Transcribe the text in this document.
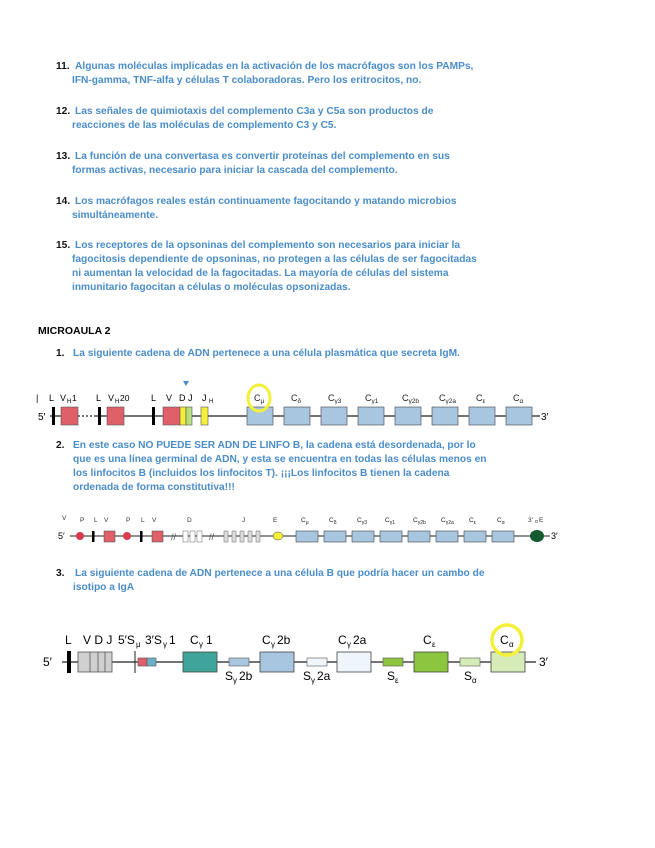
11. Algunas moléculas implicadas en la activación de los macrófagos son los PAMPs,
IFN-gamma, TNF-alfa y células T colaboradoras. Pero los eritrocitos, no.
12. Las señales de quimiotaxis del complemento C3a y C5a son productos de
reacciones de las moléculas de complemento C3 y C5.
13. La función de una convertasa es convertir proteínas del complemento en sus
formas activas, necesario para iniciar la cascada del complemento.
14. Los macrófagos reales están continuamente fagocitando y matando microbios
simultáneamente.
15. Los receptores de la opsoninas del complemento son necesarios para iniciar la
fagocitosis dependiente de opsoninas, no protegen a las células de ser fagocitadas
ni aumentan la velocidad de la fagocitadas. La mayoría de células del sistema
inmunitario fagocitan a células o moléculas opsonizadas.
MICROAULA 2
1. La siguiente cadena de ADN pertenece a una célula plasmática que secreta IgM.
5′	3′
| L V H 1 L V H 20 L V D J J H	$C_\mu$	$C_\delta$	$C_{\gamma 3}$	$C_{\gamma 1}$	$C_{\gamma 2b}$ $C_{\gamma 2a}$ $C_\varepsilon$	$C_\alpha$
2. En este caso NO PUEDE SER ADN DE LINFO B, la cadena está desordenada, por lo
que es una línea germinal de ADN, y esta se encuentra en todas las células menos en
los linfocitos B (incluidos los linfocitos T). ¡¡¡Los linfocitos B tienen la cadena
ordenada de forma constitutiva!!!
5′	3′
V P L V	P L V	D	J	E
//	//
$C_\mu$	$C_\delta$	$C_{\gamma 3}$	$C_{\gamma 1}$	$C_{\gamma 2b}$ $C_{\gamma 2a}$ $C_\varepsilon$	$C_\alpha$	3′ α E
3.	La siguiente cadena de ADN pertenece a una célula B que podría hacer un cambo de
isotipo a IgA
5′	3′
L V D J 5′S μ 3′S γ 1 C γ 1
S γ 2b
C γ 2b
S γ 2a
C γ 2a
S ε
C ε
S α
C α
